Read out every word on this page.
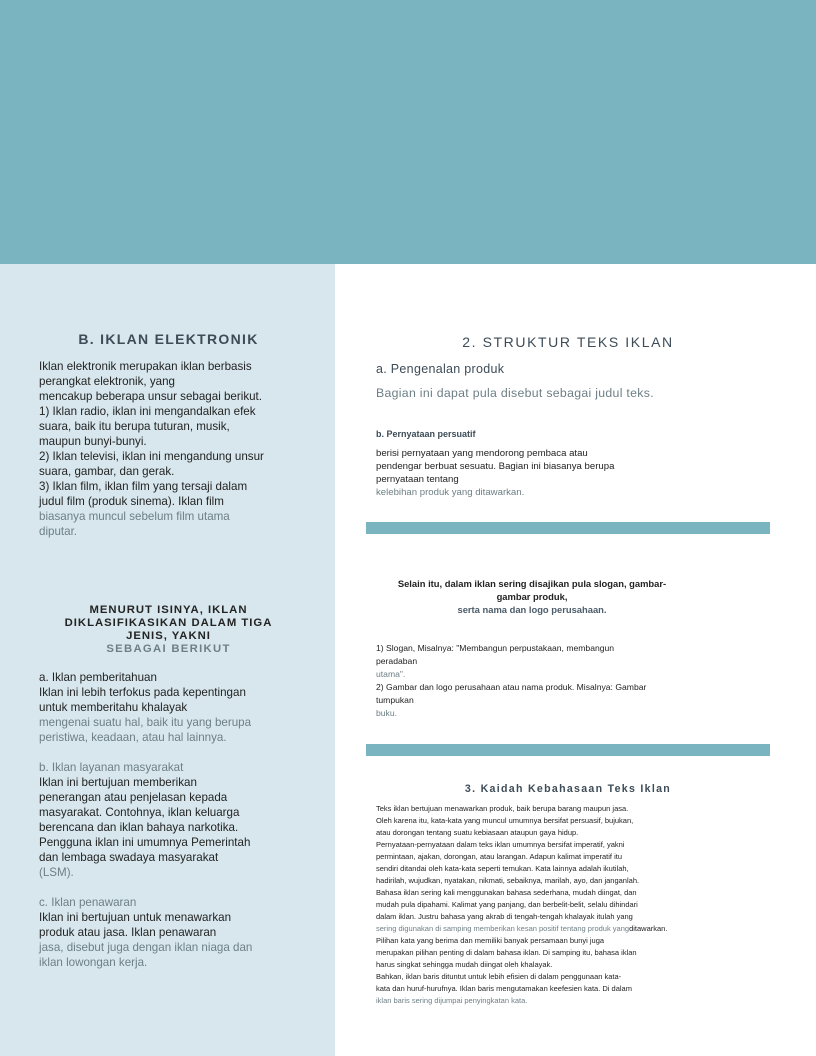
B. IKLAN ELEKTRONIK
Iklan elektronik merupakan iklan berbasis
perangkat elektronik, yang
mencakup beberapa unsur sebagai berikut.
1) Iklan radio, iklan ini mengandalkan efek
suara, baik itu berupa tuturan, musik,
maupun bunyi-bunyi.
2) Iklan televisi, iklan ini mengandung unsur
suara, gambar, dan gerak.
3) Iklan film, iklan film yang tersaji dalam
judul film (produk sinema). Iklan film
biasanya muncul sebelum film utama
diputar.
MENURUT ISINYA, IKLAN
DIKLASIFIKASIKAN DALAM TIGA
JENIS, YAKNI
SEBAGAI BERIKUT
a. Iklan pemberitahuan
Iklan ini lebih terfokus pada kepentingan
untuk memberitahu khalayak
mengenai suatu hal, baik itu yang berupa
peristiwa, keadaan, atau hal lainnya.
b. Iklan layanan masyarakat
Iklan ini bertujuan memberikan
penerangan atau penjelasan kepada
masyarakat. Contohnya, iklan keluarga
berencana dan iklan bahaya narkotika.
Pengguna iklan ini umumnya Pemerintah
dan lembaga swadaya masyarakat
(LSM).
c. Iklan penawaran
Iklan ini bertujuan untuk menawarkan
produk atau jasa. Iklan penawaran
jasa, disebut juga dengan iklan niaga dan
iklan lowongan kerja.
2. STRUKTUR TEKS IKLAN
a. Pengenalan produk
Bagian ini dapat pula disebut sebagai judul teks.
b. Pernyataan persuatif
berisi pernyataan yang mendorong pembaca atau
pendengar berbuat sesuatu. Bagian ini biasanya berupa
pernyataan tentang
kelebihan produk yang ditawarkan.
Selain itu, dalam iklan sering disajikan pula slogan, gambar-
gambar produk,
serta nama dan logo perusahaan.
1) Slogan, Misalnya: "Membangun perpustakaan, membangun
peradaban
utama".
2) Gambar dan logo perusahaan atau nama produk. Misalnya: Gambar
tumpukan
buku.
3. Kaidah Kebahasaan Teks Iklan
Teks iklan bertujuan menawarkan produk, baik berupa barang maupun jasa.
Oleh karena itu, kata-kata yang muncul umumnya bersifat persuasif, bujukan,
atau dorongan tentang suatu kebiasaan ataupun gaya hidup.
Pernyataan-pernyataan dalam teks iklan umumnya bersifat imperatif, yakni
permintaan, ajakan, dorongan, atau larangan. Adapun kalimat imperatif itu
sendiri ditandai oleh kata-kata seperti temukan. Kata lainnya adalah ikutilah,
hadirilah, wujudkan, nyatakan, nikmati, sebaiknya, marilah, ayo, dan janganlah.
Bahasa iklan sering kali menggunakan bahasa sederhana, mudah diingat, dan
mudah pula dipahami. Kalimat yang panjang, dan berbelit-belit, selalu dihindari
dalam iklan. Justru bahasa yang akrab di tengah-tengah khalayak itulah yang
sering digunakan di samping memberikan kesan positif tentang produk yangditawarkan.
Pilihan kata yang berima dan memiliki banyak persamaan bunyi juga
merupakan pilihan penting di dalam bahasa iklan. Di samping itu, bahasa iklan
harus singkat sehingga mudah diingat oleh khalayak.
Bahkan, iklan baris dituntut untuk lebih efisien di dalam penggunaan kata-
kata dan huruf-hurufnya. Iklan baris mengutamakan keefesien kata. Di dalam
iklan baris sering dijumpai penyingkatan kata.
